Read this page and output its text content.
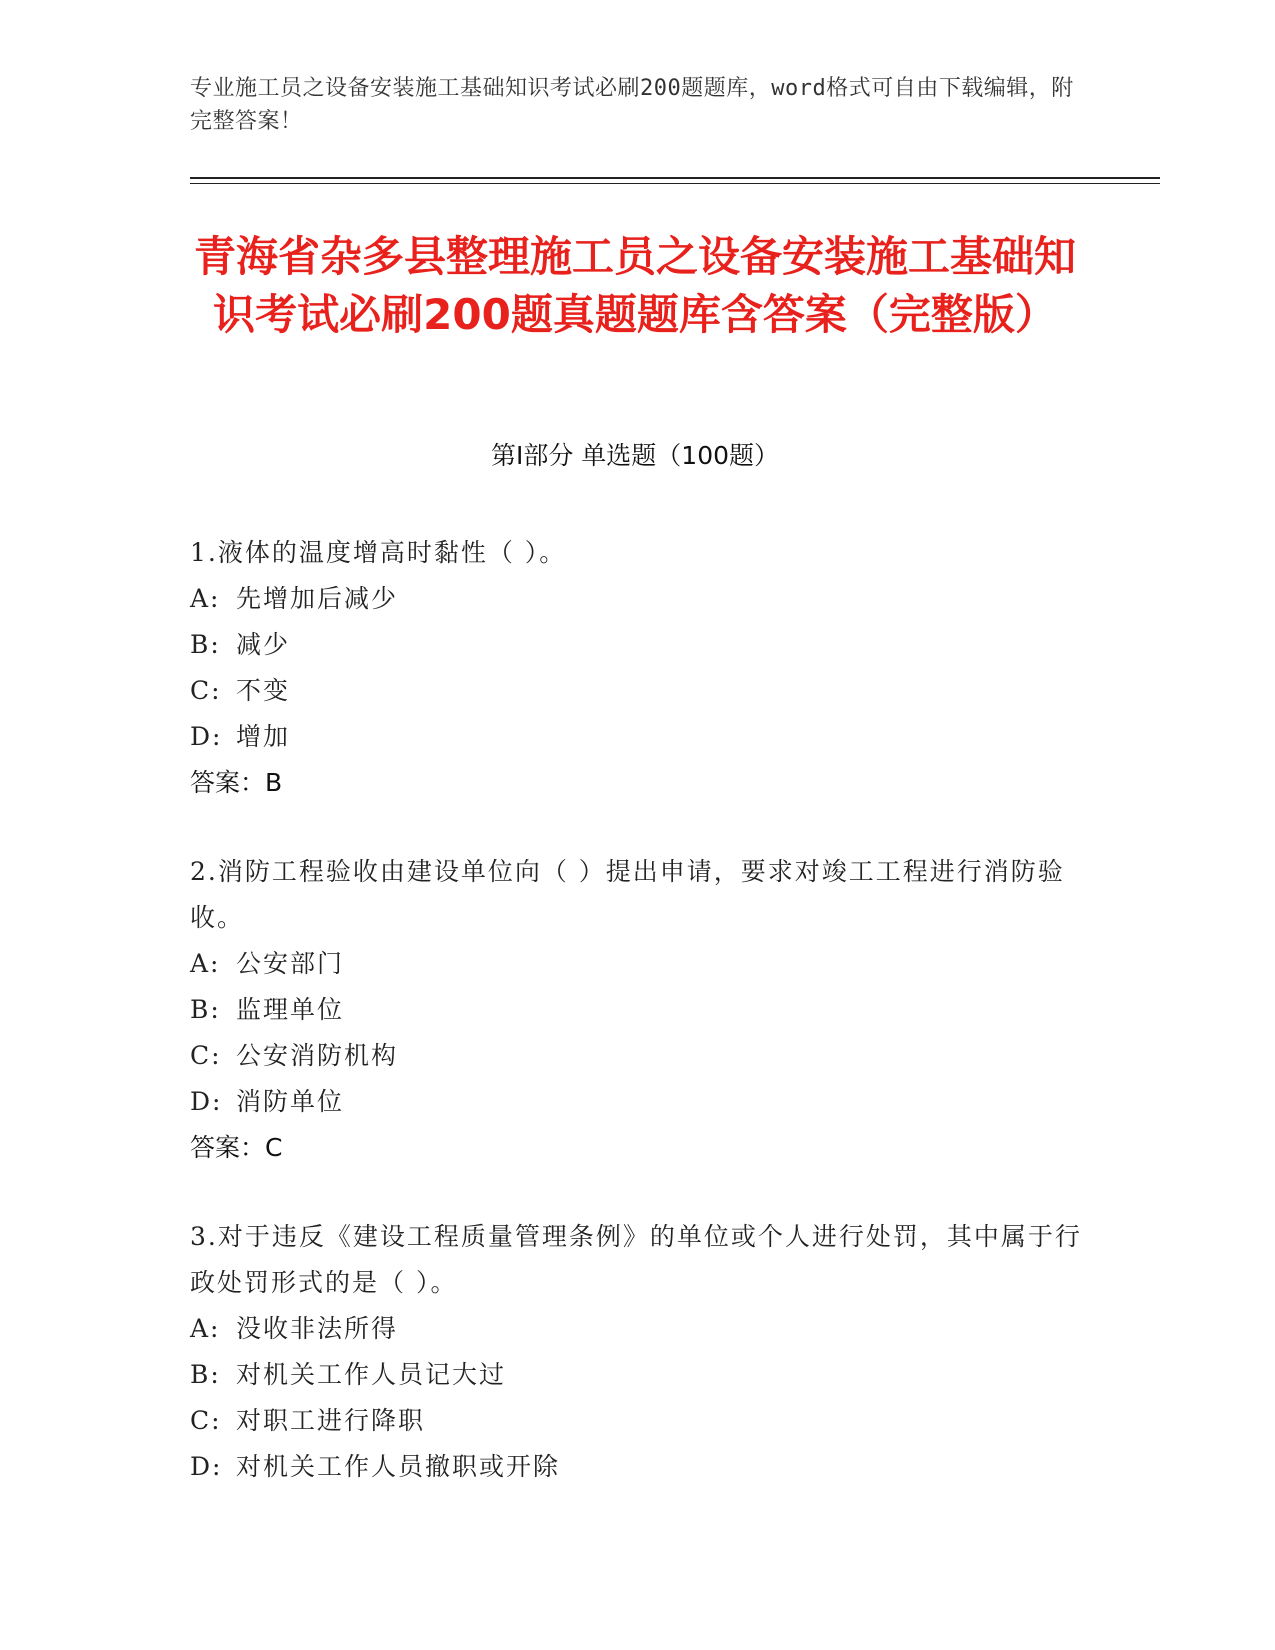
专业施工员之设备安装施工基础知识考试必刷200题题库，word格式可自由下载编辑，附完整答案！
青海省杂多县整理施工员之设备安装施工基础知识考试必刷200题真题题库含答案（完整版）
第Ⅰ部分 单选题（100题）
1.液体的温度增高时黏性（ ）。
A: 先增加后减少
B: 减少
C: 不变
D: 增加
答案：B
2.消防工程验收由建设单位向（ ）提出申请，要求对竣工工程进行消防验收。
A: 公安部门
B: 监理单位
C: 公安消防机构
D: 消防单位
答案：C
3.对于违反《建设工程质量管理条例》的单位或个人进行处罚，其中属于行政处罚形式的是（ ）。
A: 没收非法所得
B: 对机关工作人员记大过
C: 对职工进行降职
D: 对机关工作人员撤职或开除
